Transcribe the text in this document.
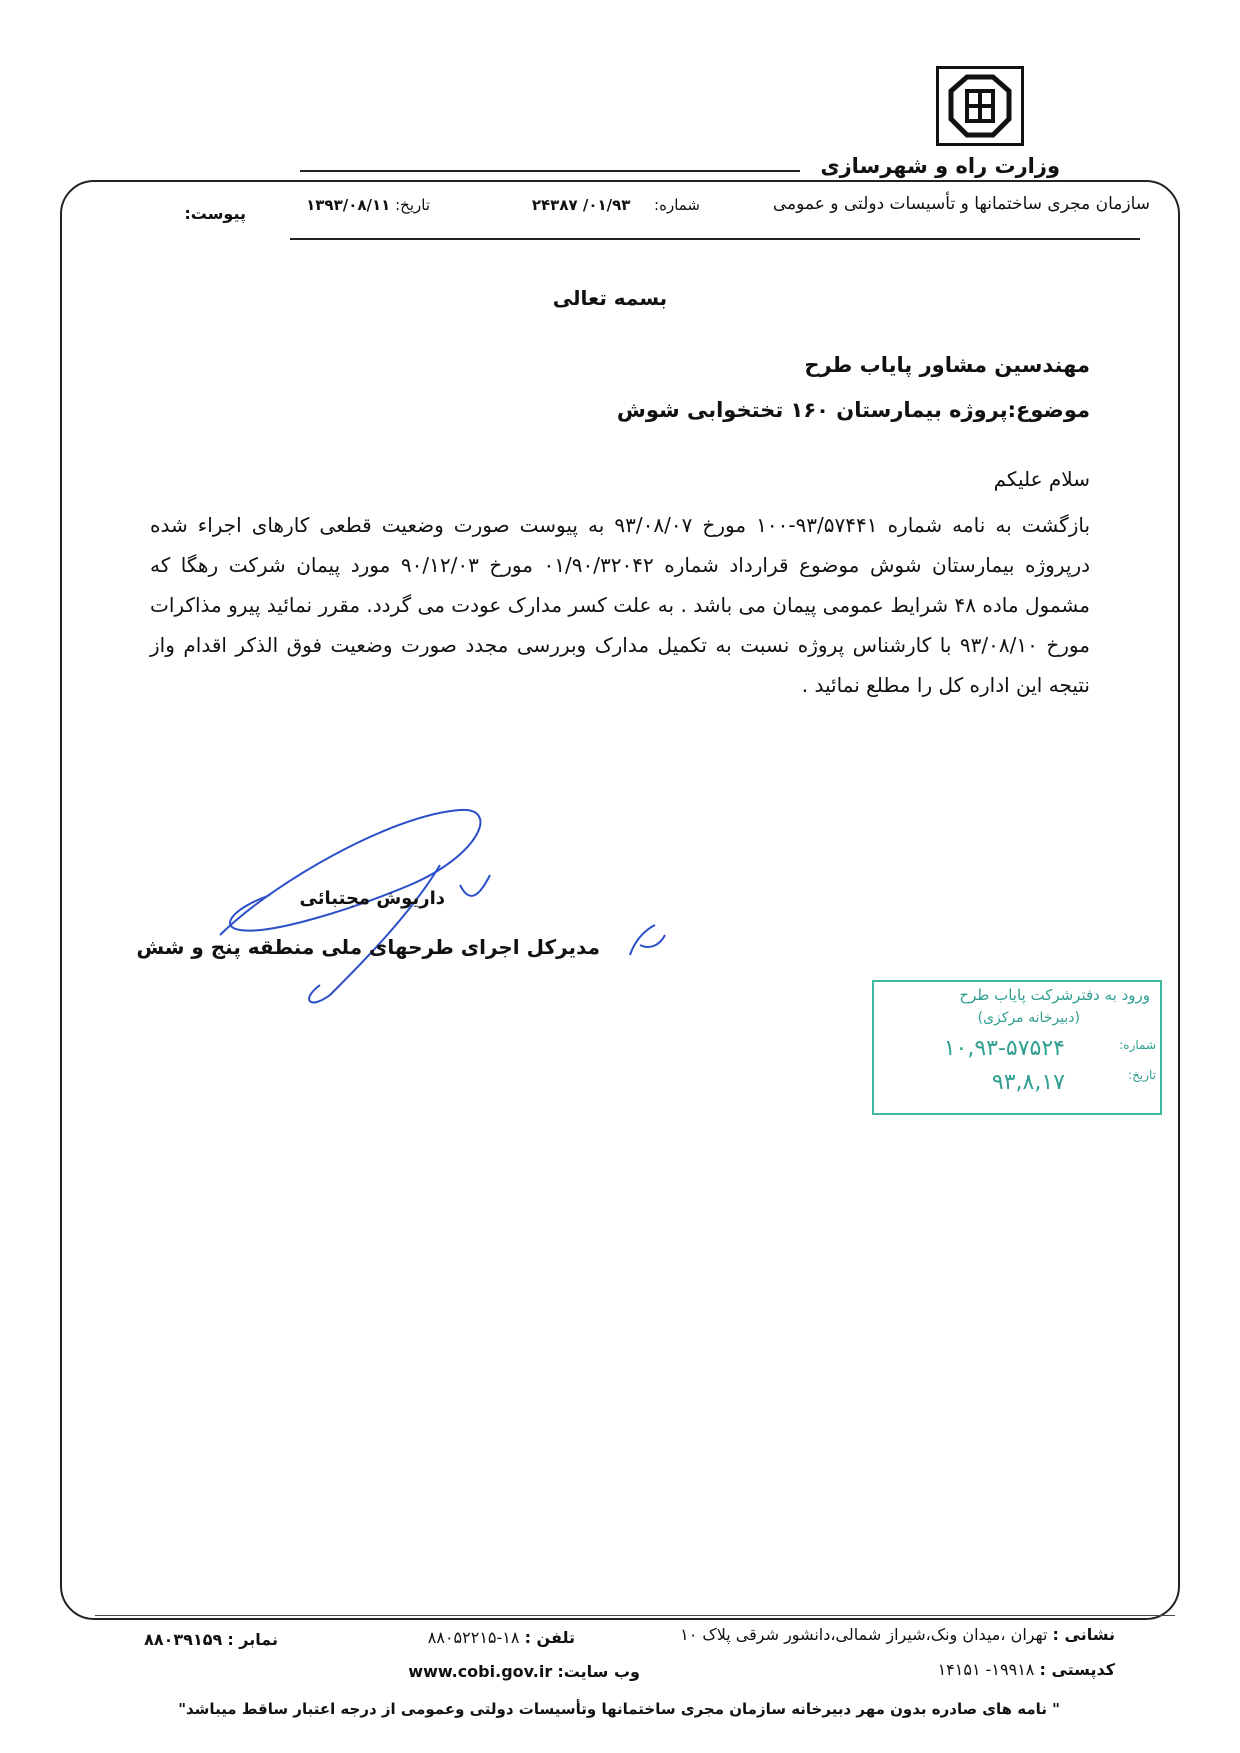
وزارت راه و شهرسازی
سازمان مجری ساختمانها و تأسیسات دولتی و عمومی
شماره:  ۰۱/۹۳/ ۲۴۳۸۷
تاریخ: ۱۳۹۳/۰۸/۱۱
پیوست:
بسمه تعالی
مهندسین مشاور پایاب طرح
موضوع:پروژه بیمارستان ۱۶۰ تختخوابی شوش
سلام علیکم
بازگشت به نامه شماره ۹۳/۵۷۴۴۱-۱۰۰ مورخ ۹۳/۰۸/۰۷ به پیوست صورت وضعیت قطعی کارهای اجراء شده درپروژه بیمارستان شوش موضوع قرارداد شماره ۰۱/۹۰/۳۲۰۴۲ مورخ ۹۰/۱۲/۰۳ مورد پیمان شرکت رهگا که مشمول ماده ۴۸ شرایط عمومی پیمان می باشد . به علت کسر مدارک عودت می گردد. مقرر نمائید پیرو مذاکرات مورخ ۹۳/۰۸/۱۰ با کارشناس پروژه نسبت به تکمیل مدارک وبررسی مجدد صورت وضعیت فوق الذکر اقدام واز نتیجه این اداره کل را مطلع نمائید .
داریوش مجتبائی
مدیرکل اجرای طرحهای ملی منطقه پنج و شش
ورود به دفترشرکت پایاب طرح
(دبیرخانه مرکزی)
شماره:
۱۰,۹۳-۵۷۵۲۴
تاریخ:
۹۳,۸,۱۷
نشانی : تهران ،میدان ونک،شیراز شمالی،دانشور شرقی پلاک ۱۰
کدپستی : ۱۹۹۱۸- ۱۴۱۵۱
تلفن : ۱۸-۸۸۰۵۲۲۱۵
وب سایت: www.cobi.gov.ir
نمابر : ۸۸۰۳۹۱۵۹
" نامه های صادره بدون مهر دبیرخانه سازمان مجری ساختمانها وتأسیسات دولتی وعمومی از درجه اعتبار ساقط میباشد"
